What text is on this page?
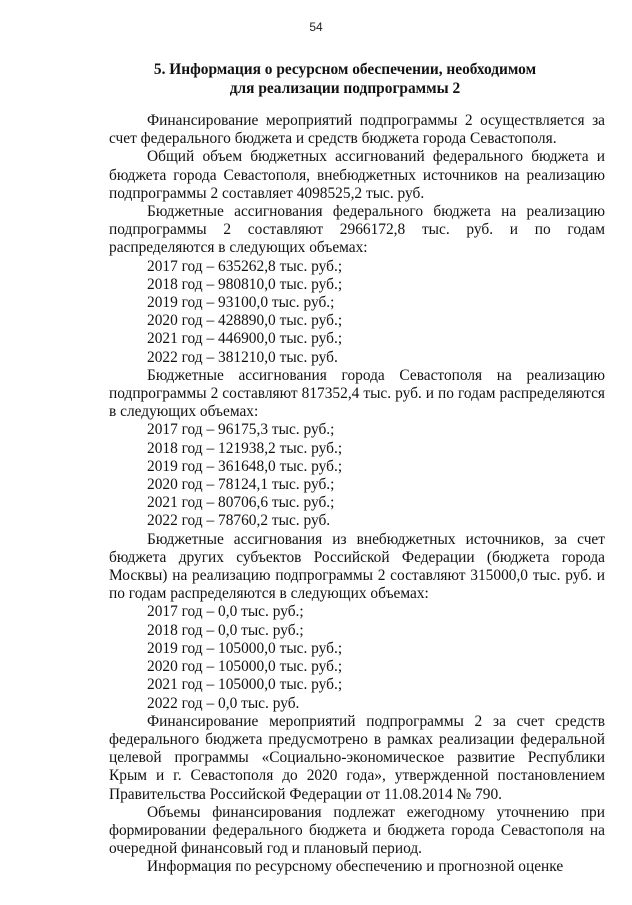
54
5. Информация о ресурсном обеспечении, необходимом
для реализации подпрограммы 2

Финансирование мероприятий подпрограммы 2 осуществляется за счет федерального бюджета и средств бюджета города Севастополя.

Общий объем бюджетных ассигнований федерального бюджета и бюджета города Севастополя, внебюджетных источников на реализацию подпрограммы 2 составляет 4098525,2 тыс. руб.

Бюджетные ассигнования федерального бюджета на реализацию подпрограммы 2 составляют 2966172,8 тыс. руб. и по годам распределяются в следующих объемах:

2017 год – 635262,8 тыс. руб.;
2018 год – 980810,0 тыс. руб.;
2019 год – 93100,0 тыс. руб.;
2020 год – 428890,0 тыс. руб.;
2021 год – 446900,0 тыс. руб.;
2022 год – 381210,0 тыс. руб.

Бюджетные ассигнования города Севастополя на реализацию подпрограммы 2 составляют 817352,4 тыс. руб. и по годам распределяются в следующих объемах:

2017 год – 96175,3 тыс. руб.;
2018 год – 121938,2 тыс. руб.;
2019 год – 361648,0 тыс. руб.;
2020 год – 78124,1 тыс. руб.;
2021 год – 80706,6 тыс. руб.;
2022 год – 78760,2 тыс. руб.

Бюджетные ассигнования из внебюджетных источников, за счет бюджета других субъектов Российской Федерации (бюджета города Москвы) на реализацию подпрограммы 2 составляют 315000,0 тыс. руб. и по годам распределяются в следующих объемах:

2017 год – 0,0 тыс. руб.;
2018 год – 0,0 тыс. руб.;
2019 год – 105000,0 тыс. руб.;
2020 год – 105000,0 тыс. руб.;
2021 год – 105000,0 тыс. руб.;
2022 год – 0,0 тыс. руб.

Финансирование мероприятий подпрограммы 2 за счет средств федерального бюджета предусмотрено в рамках реализации федеральной целевой программы «Социально-экономическое развитие Республики Крым и г. Севастополя до 2020 года», утвержденной постановлением Правительства Российской Федерации от 11.08.2014 № 790.

Объемы финансирования подлежат ежегодному уточнению при формировании федерального бюджета и бюджета города Севастополя на очередной финансовый год и плановый период.

Информация по ресурсному обеспечению и прогнозной оценке
